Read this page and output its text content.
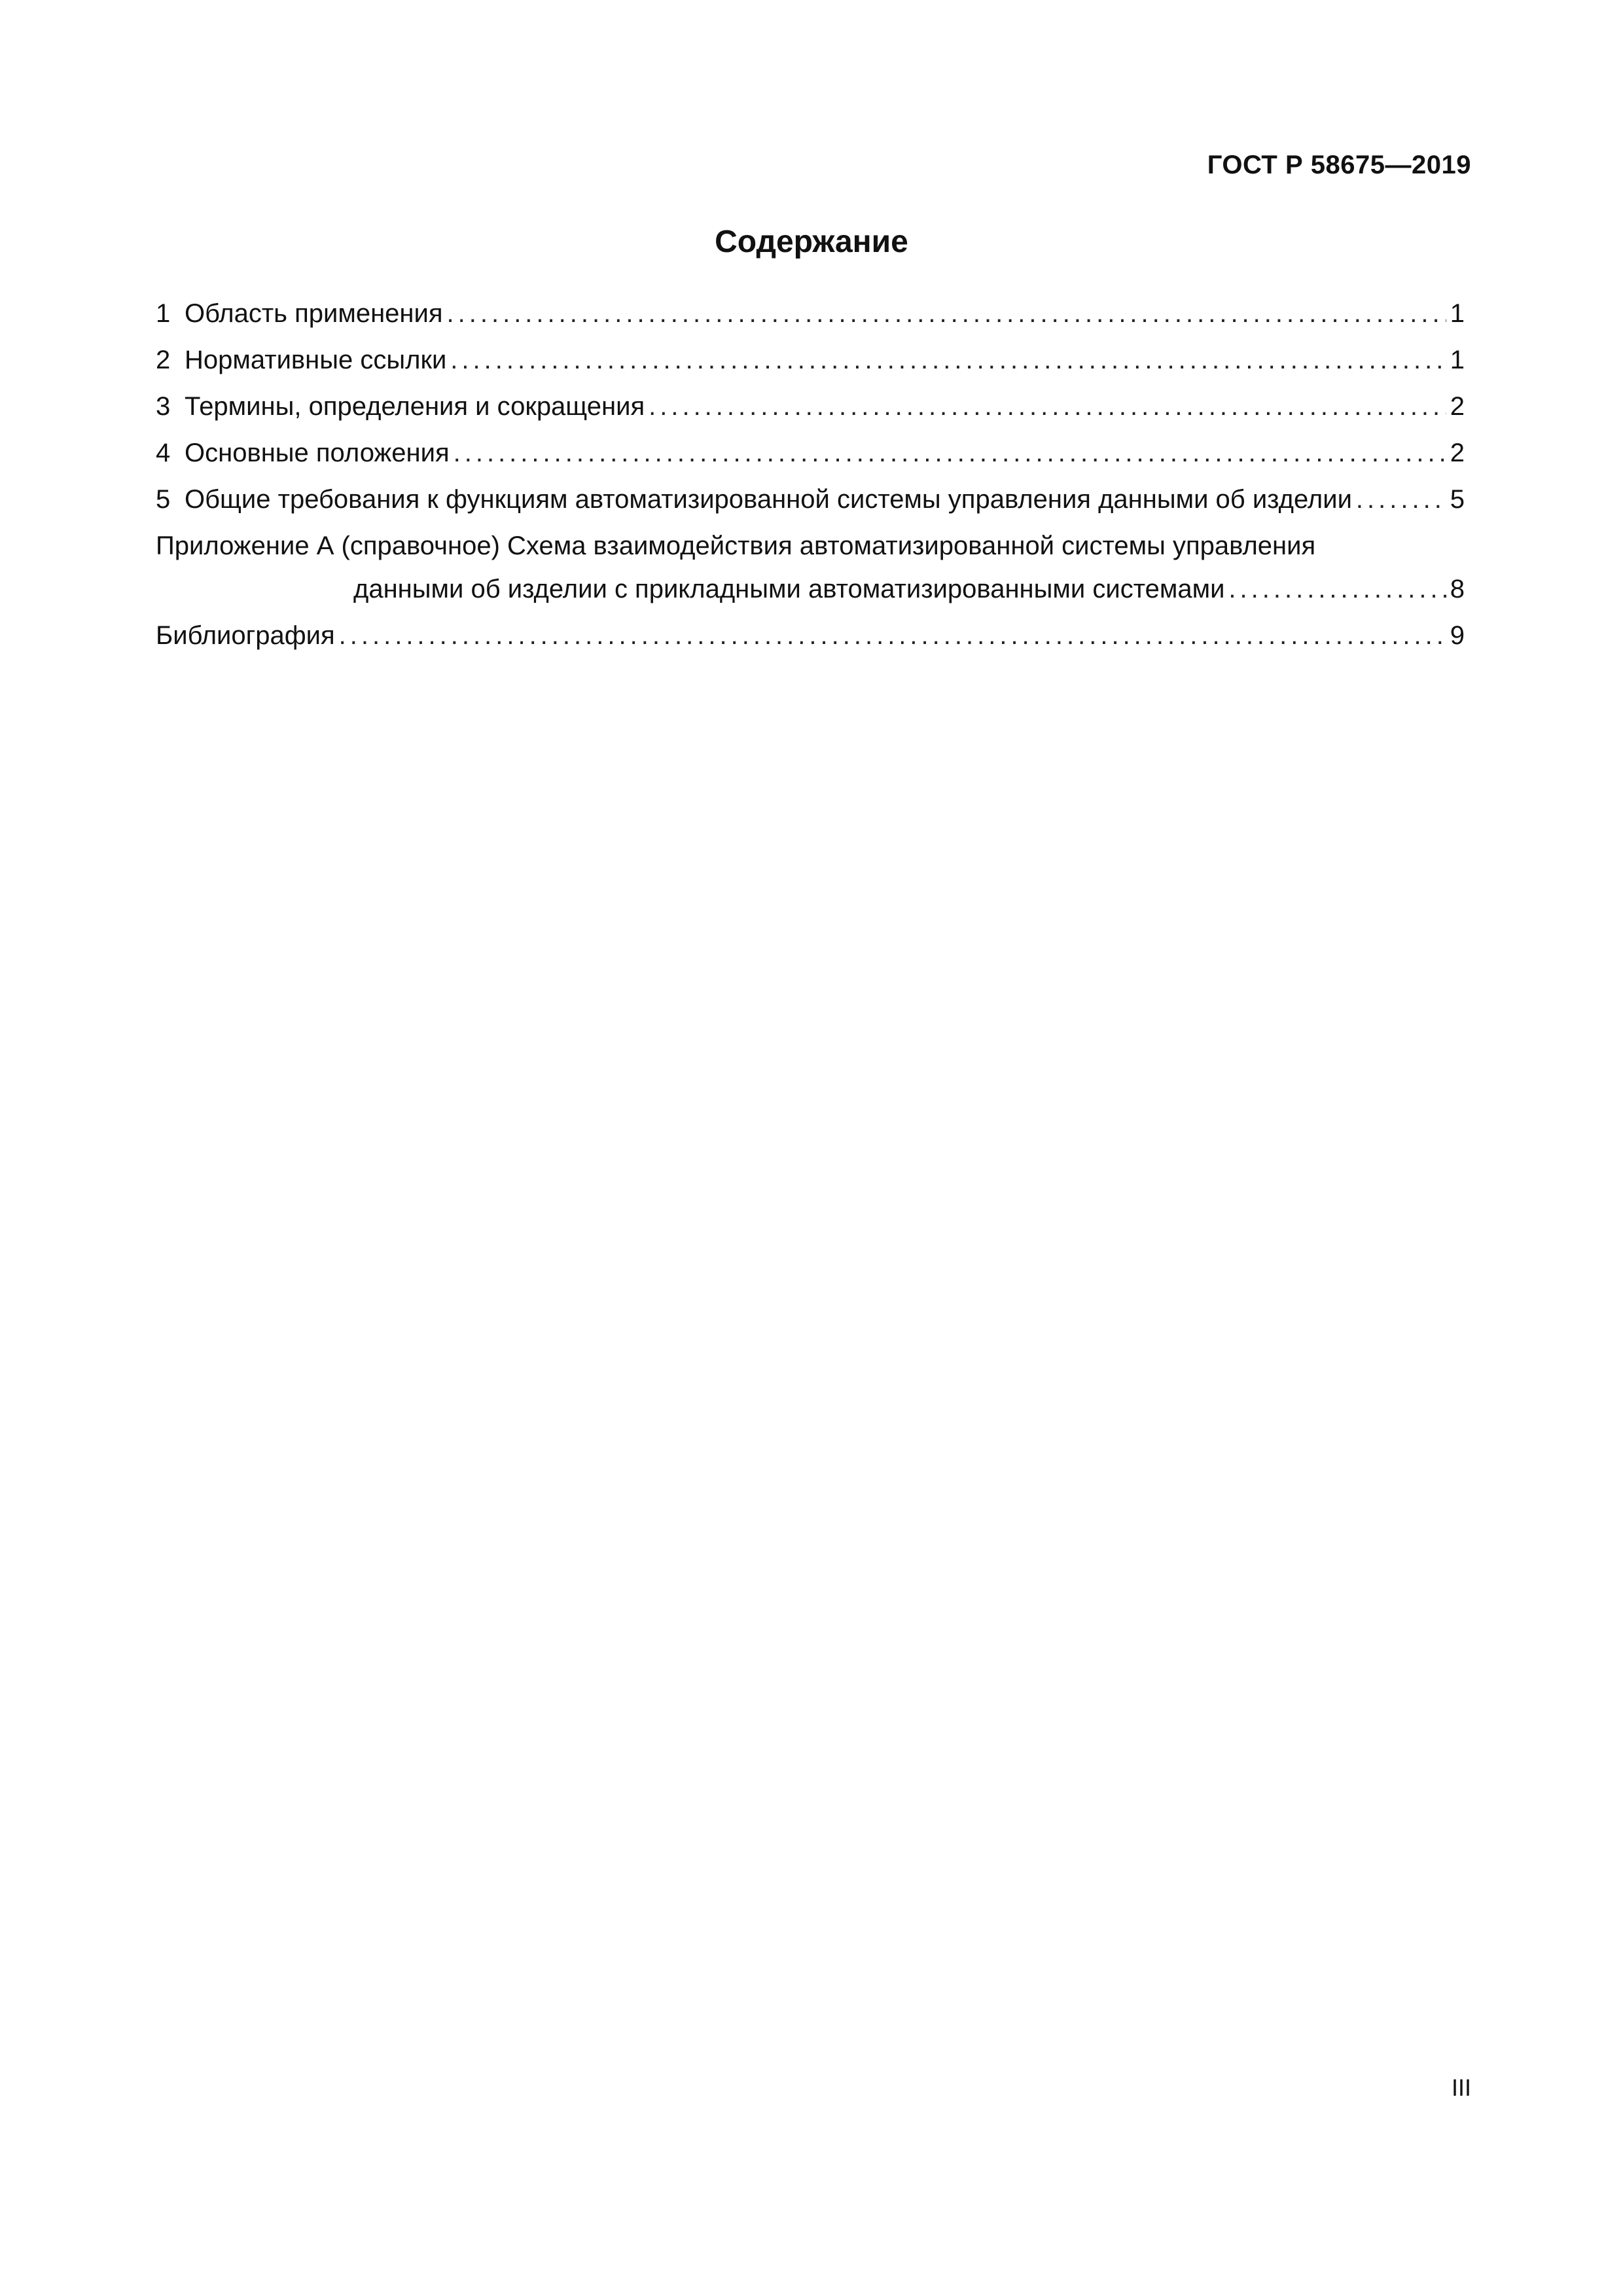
ГОСТ Р 58675—2019
Содержание
1 Область применения .....	1
2 Нормативные ссылки .....	1
3 Термины, определения и сокращения .....	2
4 Основные положения .....	2
5 Общие требования к функциям автоматизированной системы управления данными об изделии .....	5
Приложение А (справочное) Схема взаимодействия автоматизированной системы управления
данными об изделии с прикладными автоматизированными системами .....	8
Библиография .....	9
III
